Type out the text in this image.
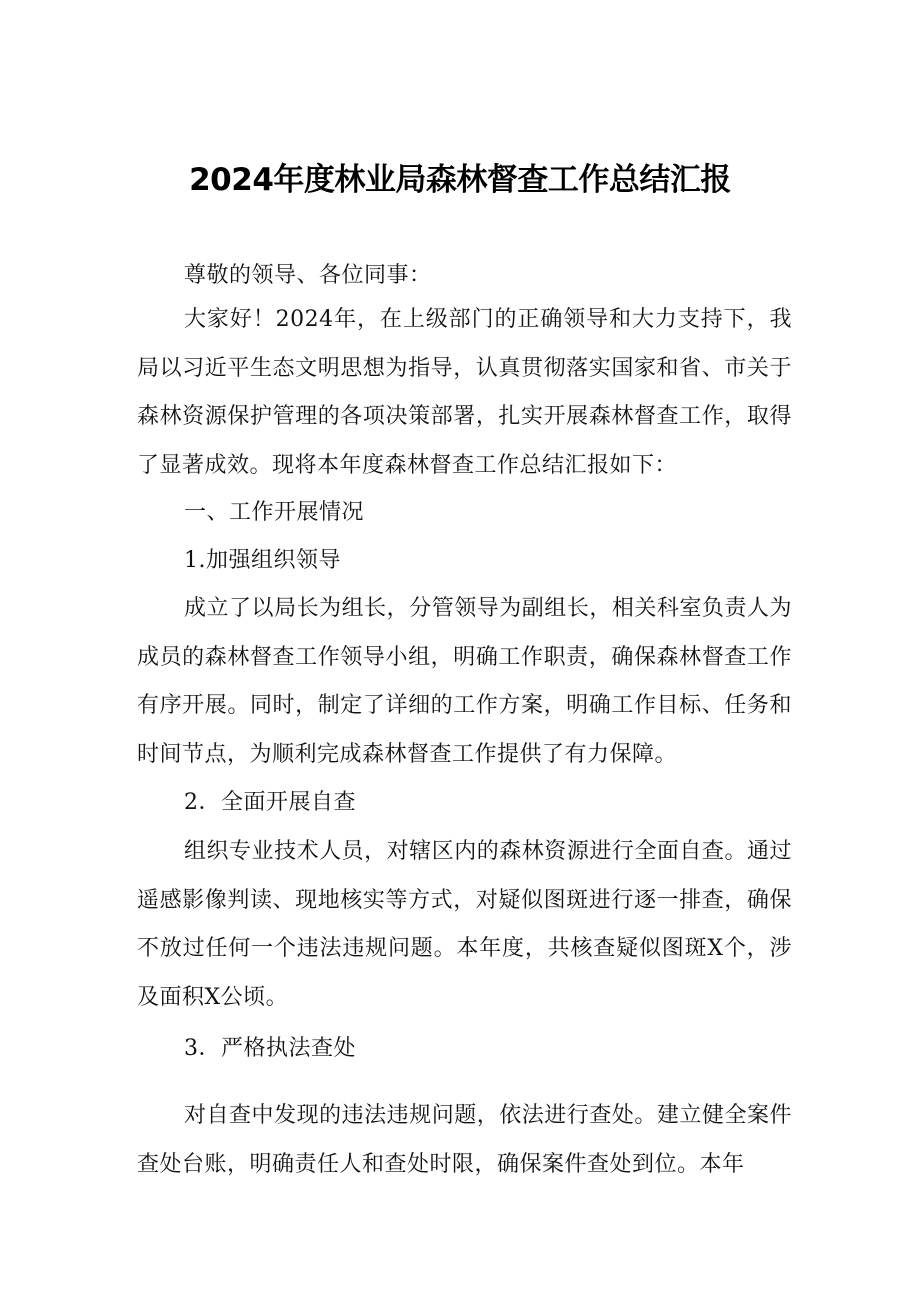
2024年度林业局森林督查工作总结汇报

尊敬的领导、各位同事：

大家好！2024年，在上级部门的正确领导和大力支持下，我局以习近平生态文明思想为指导，认真贯彻落实国家和省、市关于森林资源保护管理的各项决策部署，扎实开展森林督查工作，取得了显著成效。现将本年度森林督查工作总结汇报如下：

一、工作开展情况

1.加强组织领导

成立了以局长为组长，分管领导为副组长，相关科室负责人为成员的森林督查工作领导小组，明确工作职责，确保森林督查工作有序开展。同时，制定了详细的工作方案，明确工作目标、任务和时间节点，为顺利完成森林督查工作提供了有力保障。

2．全面开展自查

组织专业技术人员，对辖区内的森林资源进行全面自查。通过遥感影像判读、现地核实等方式，对疑似图斑进行逐一排查，确保不放过任何一个违法违规问题。本年度，共核查疑似图斑X个，涉及面积X公顷。

3．严格执法查处

对自查中发现的违法违规问题，依法进行查处。建立健全案件查处台账，明确责任人和查处时限，确保案件查处到位。本年
